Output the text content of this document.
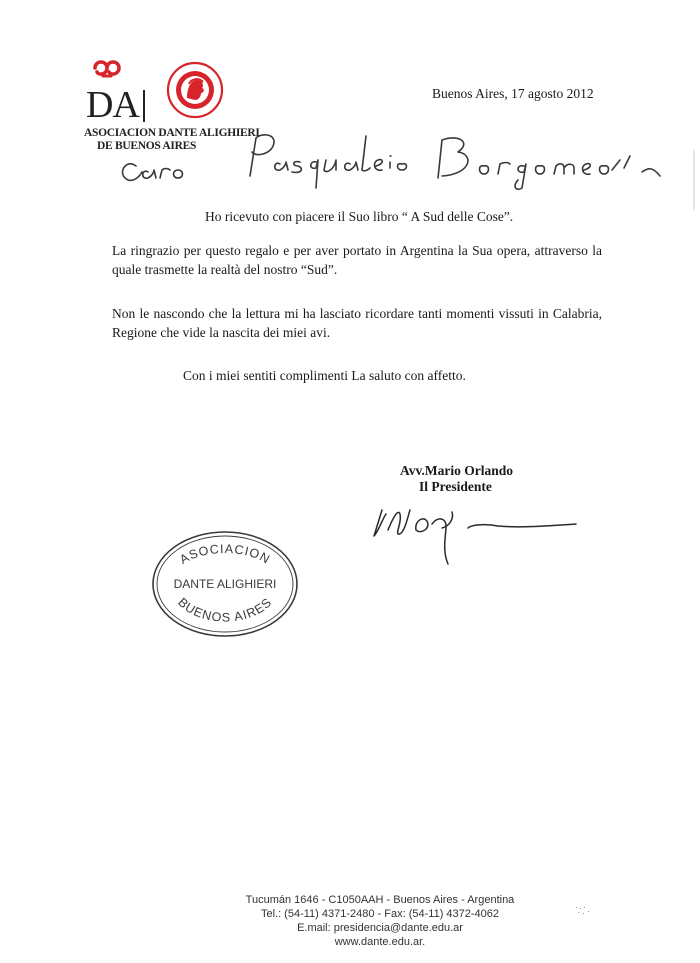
DA
ASOCIACION DANTE ALIGHIERI
DE BUENOS AIRES
Buenos Aires, 17 agosto 2012
Ho ricevuto con piacere il Suo libro “ A Sud delle Cose”.
La ringrazio per questo regalo e per aver portato in Argentina la Sua opera, attraverso la quale trasmette la realtà del nostro “Sud”.
Non le nascondo che la lettura mi ha lasciato ricordare tanti momenti vissuti in Calabria, Regione che vide la nascita dei miei avi.
Con i miei sentiti complimenti La saluto con affetto.
Avv.Mario Orlando
Il Presidente
ASOCIACION
DANTE ALIGHIERI
BUENOS AIRES
Tucumán 1646 - C1050AAH - Buenos Aires - Argentina
Tel.: (54-11) 4371-2480 - Fax: (54-11) 4372-4062
E.mail: presidencia@dante.edu.ar
www.dante.edu.ar.
